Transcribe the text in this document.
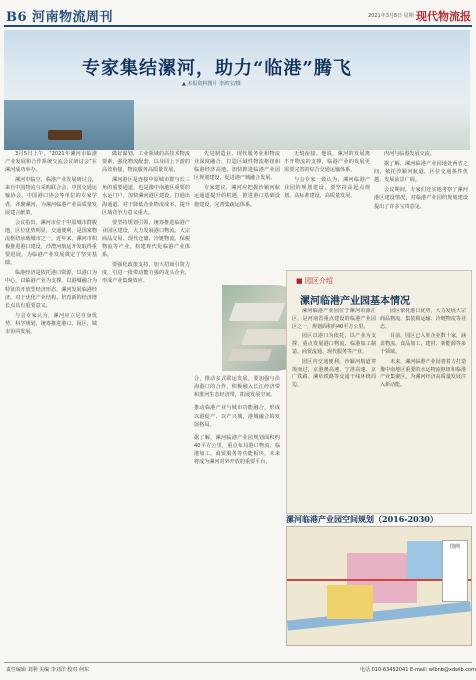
B6 河南物流周刊	2021年3月8日 星期一
现代物流报
专家集结漯河，助力“临港”腾飞
▲ 本报资料图片 李鸿宝/摄

3月5日上午，“2021年漯河市临港产业发展和合作系统交流会议研讨会”在漯河成功举办。

漯河市临空、临港产业发展研讨会，来自中国物流与采购联合会、中国交通运输协会、中国港口协会等单位的专家学者，齐聚漯河，为漯河临港产业高质量发展建言献策。

会议指出，漯河市位于中原城市群腹地，区位优势明显，交通便利，是国家物流枢纽承载城市之一。近年来，漯河市积极推进港口建设，沙澧河航运开发取得重要进展，为临港产业发展奠定了坚实基础。

临港经济是依托港口资源，以港口为中心，以临港产业为支撑，以港城融合为特征的开放型经济形态。漯河发展临港经济，对于优化产业结构、培育新的经济增长点具有重要意义。

与会专家认为，漯河应立足自身优势，科学规划，统筹推进港口、园区、城市协同发展。

做好谋划，工业领域的高技术物流要素，强化物流配套，以及同上下游的高效衔接，物流服务高质量发展。

漯河港区是连接中原城市群与长三角的重要通道，也是豫中南地区重要的水运门户。加快漯河港区建设，打通出海通道，对于降低企业物流成本、提升区域竞争力意义重大。

要坚持规划引领，统筹推进临港产业园区建设，大力发展港口物流、大宗商品交易、现代仓储、冷链物流、保税物流等产业，构建现代化临港产业体系。

要强化政策支持，加大招商引资力度，引进一批带动能力强的龙头企业，形成产业集聚效应。

先进制造业、现代服务业和物流业深度融合，打造区域性物流枢纽和临港经济高地。加快推进临港产业园区规划建设，促进港产城融合发展。

专家建议，漯河应把握沙颍河航运通道提升的机遇，推进港口基础设施建设，完善集疏运体系。

合，推动多式联运发展。要加强与沿海港口的合作，积极融入长江经济带和淮河生态经济带，拓展发展空间。

推动临港产业与城市功能融合，形成以港促产、以产兴城、港城融合的发展格局。

据了解，漯河临港产业园规划面积约40平方公里，重点布局港口物流、临港加工、商贸服务等功能板块，未来将成为漯河对外开放的重要平台。

无缝衔接。他说，漯河的发展离不开物流的支撑，临港产业的发展更需要完善的综合交通运输体系。

与会专家一致认为，漯河临港产业园的规划建设，要坚持高起点规划、高标准建设、高质量发展。

内河与临港发展交流。

据了解，漯河临港产业园地处两省之间，依托沙颍河航道，区位交通条件优越，发展前景广阔。

会议期间，专家们还实地考察了漯河港区建设情况，对临港产业园的规划建设提出了许多宝贵意见。

■ 园区介绍
漯河临港产业园基本情况

漯河临港产业园位于漯河市源汇区，是河南省重点建设的临港产业园区之一，规划面积约40平方公里。

园区以港口为依托，以产业为支撑，重点发展港口物流、临港加工制造、商贸流通、现代服务等产业。

园区内交通便利，沙颍河航道穿境而过，京港澳高速、宁洛高速、京广铁路、漯阜铁路等交通干线环绕周边。

园区依托港口优势，大力发展大宗商品物流、集装箱运输、冷链物流等业态。

目前，园区已入驻企业数十家，涵盖物流、食品加工、建材、新能源等多个领域。

未来，漯河临港产业园将着力打造豫中南地区重要的水运物流枢纽和临港产业集聚区，为漯河经济高质量发展注入新动能。

漯河临港产业园空间规划（2016-2030）
图例
责任编辑 刘利 美编 李刘洋 校对 何东	电话 010-63452041 E-mail: wlbnb@xdwlb.com
